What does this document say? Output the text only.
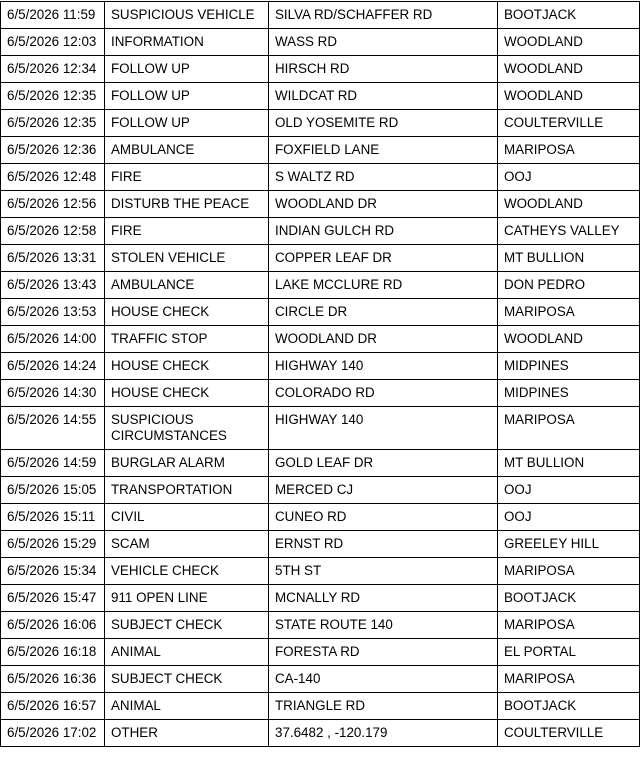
6/5/2026 11:59	SUSPICIOUS VEHICLE	SILVA RD/SCHAFFER RD	BOOTJACK
6/5/2026 12:03	INFORMATION	WASS RD	WOODLAND
6/5/2026 12:34	FOLLOW UP	HIRSCH RD	WOODLAND
6/5/2026 12:35	FOLLOW UP	WILDCAT RD	WOODLAND
6/5/2026 12:35	FOLLOW UP	OLD YOSEMITE RD	COULTERVILLE
6/5/2026 12:36	AMBULANCE	FOXFIELD LANE	MARIPOSA
6/5/2026 12:48	FIRE	S WALTZ RD	OOJ
6/5/2026 12:56	DISTURB THE PEACE	WOODLAND DR	WOODLAND
6/5/2026 12:58	FIRE	INDIAN GULCH RD	CATHEYS VALLEY
6/5/2026 13:31	STOLEN VEHICLE	COPPER LEAF DR	MT BULLION
6/5/2026 13:43	AMBULANCE	LAKE MCCLURE RD	DON PEDRO
6/5/2026 13:53	HOUSE CHECK	CIRCLE DR	MARIPOSA
6/5/2026 14:00	TRAFFIC STOP	WOODLAND DR	WOODLAND
6/5/2026 14:24	HOUSE CHECK	HIGHWAY 140	MIDPINES
6/5/2026 14:30	HOUSE CHECK	COLORADO RD	MIDPINES
6/5/2026 14:55	SUSPICIOUS CIRCUMSTANCES	HIGHWAY 140	MARIPOSA
6/5/2026 14:59	BURGLAR ALARM	GOLD LEAF DR	MT BULLION
6/5/2026 15:05	TRANSPORTATION	MERCED CJ	OOJ
6/5/2026 15:11	CIVIL	CUNEO RD	OOJ
6/5/2026 15:29	SCAM	ERNST RD	GREELEY HILL
6/5/2026 15:34	VEHICLE CHECK	5TH ST	MARIPOSA
6/5/2026 15:47	911 OPEN LINE	MCNALLY RD	BOOTJACK
6/5/2026 16:06	SUBJECT CHECK	STATE ROUTE 140	MARIPOSA
6/5/2026 16:18	ANIMAL	FORESTA RD	EL PORTAL
6/5/2026 16:36	SUBJECT CHECK	CA-140	MARIPOSA
6/5/2026 16:57	ANIMAL	TRIANGLE RD	BOOTJACK
6/5/2026 17:02	OTHER	37.6482 , -120.179	COULTERVILLE
